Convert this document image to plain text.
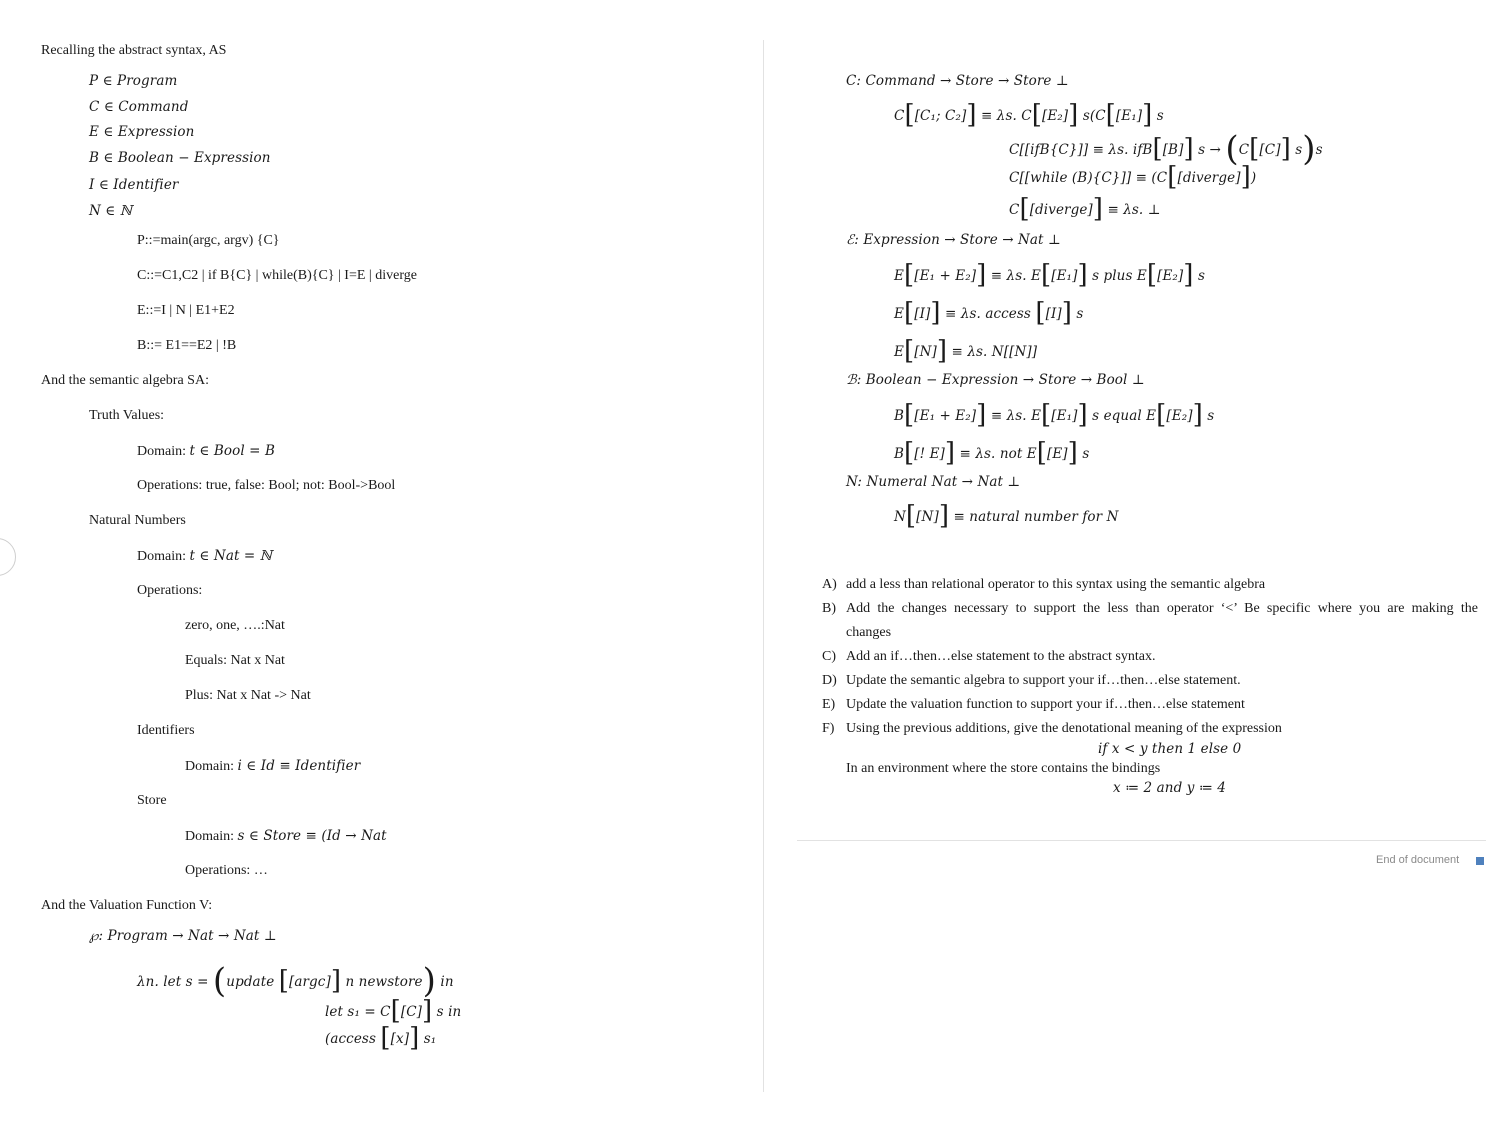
Recalling the abstract syntax, AS
P ∈ Program
C ∈ Command
E ∈ Expression
B ∈ Boolean − Expression
I ∈ Identifier
N ∈ ℕ
P::=main(argc, argv) {C}
C::=C1,C2 | if B{C} | while(B){C} | I=E | diverge
E::=I | N | E1+E2
B::= E1==E2 | !B
And the semantic algebra SA:
Truth Values:
Domain: t ∈ Bool = B
Operations: true, false: Bool; not: Bool->Bool
Natural Numbers
Domain: t ∈ Nat = ℕ
Operations:
zero, one, ….:Nat
Equals: Nat x Nat
Plus: Nat x Nat -> Nat
Identifiers
Domain: i ∈ Id ≡ Identifier
Store
Domain: s ∈ Store ≡ (Id → Nat
Operations: …
And the Valuation Function V:
℘: Program → Nat → Nat ⊥
λn. let s = (update [[argc]] n newstore) in
let s₁ = C[[C]] s in
(access [[x]] s₁
C: Command → Store → Store ⊥
C[[C₁; C₂]] ≡ λs. C[[E₂]] s(C[[E₁]] s
C[[ifB{C}]] ≡ λs. ifB[[B]] s → (C[[C]] s)s
C[[while (B){C}]] ≡ (C[[diverge]])
C[[diverge]] ≡ λs. ⊥
ℰ: Expression → Store → Nat ⊥
E[[E₁ + E₂]] ≡ λs. E[[E₁]] s plus E[[E₂]] s
E[[I]] ≡ λs. access [[I]] s
E[[N]] ≡ λs. N[[N]]
ℬ: Boolean − Expression → Store → Bool ⊥
B[[E₁ + E₂]] ≡ λs. E[[E₁]] s equal E[[E₂]] s
B[[! E]] ≡ λs. not E[[E]] s
N: Numeral Nat → Nat ⊥
N[[N]] ≡ natural number for N
A) add a less than relational operator to this syntax using the semantic algebra
B) Add the changes necessary to support the less than operator ‘<’ Be specific where you are making the
changes
C) Add an if…then…else statement to the abstract syntax.
D) Update the semantic algebra to support your if…then…else statement.
E) Update the valuation function to support your if…then…else statement
F) Using the previous additions, give the denotational meaning of the expression
if x < y then 1 else 0
In an environment where the store contains the bindings
x ≔ 2 and y ≔ 4
End of document
